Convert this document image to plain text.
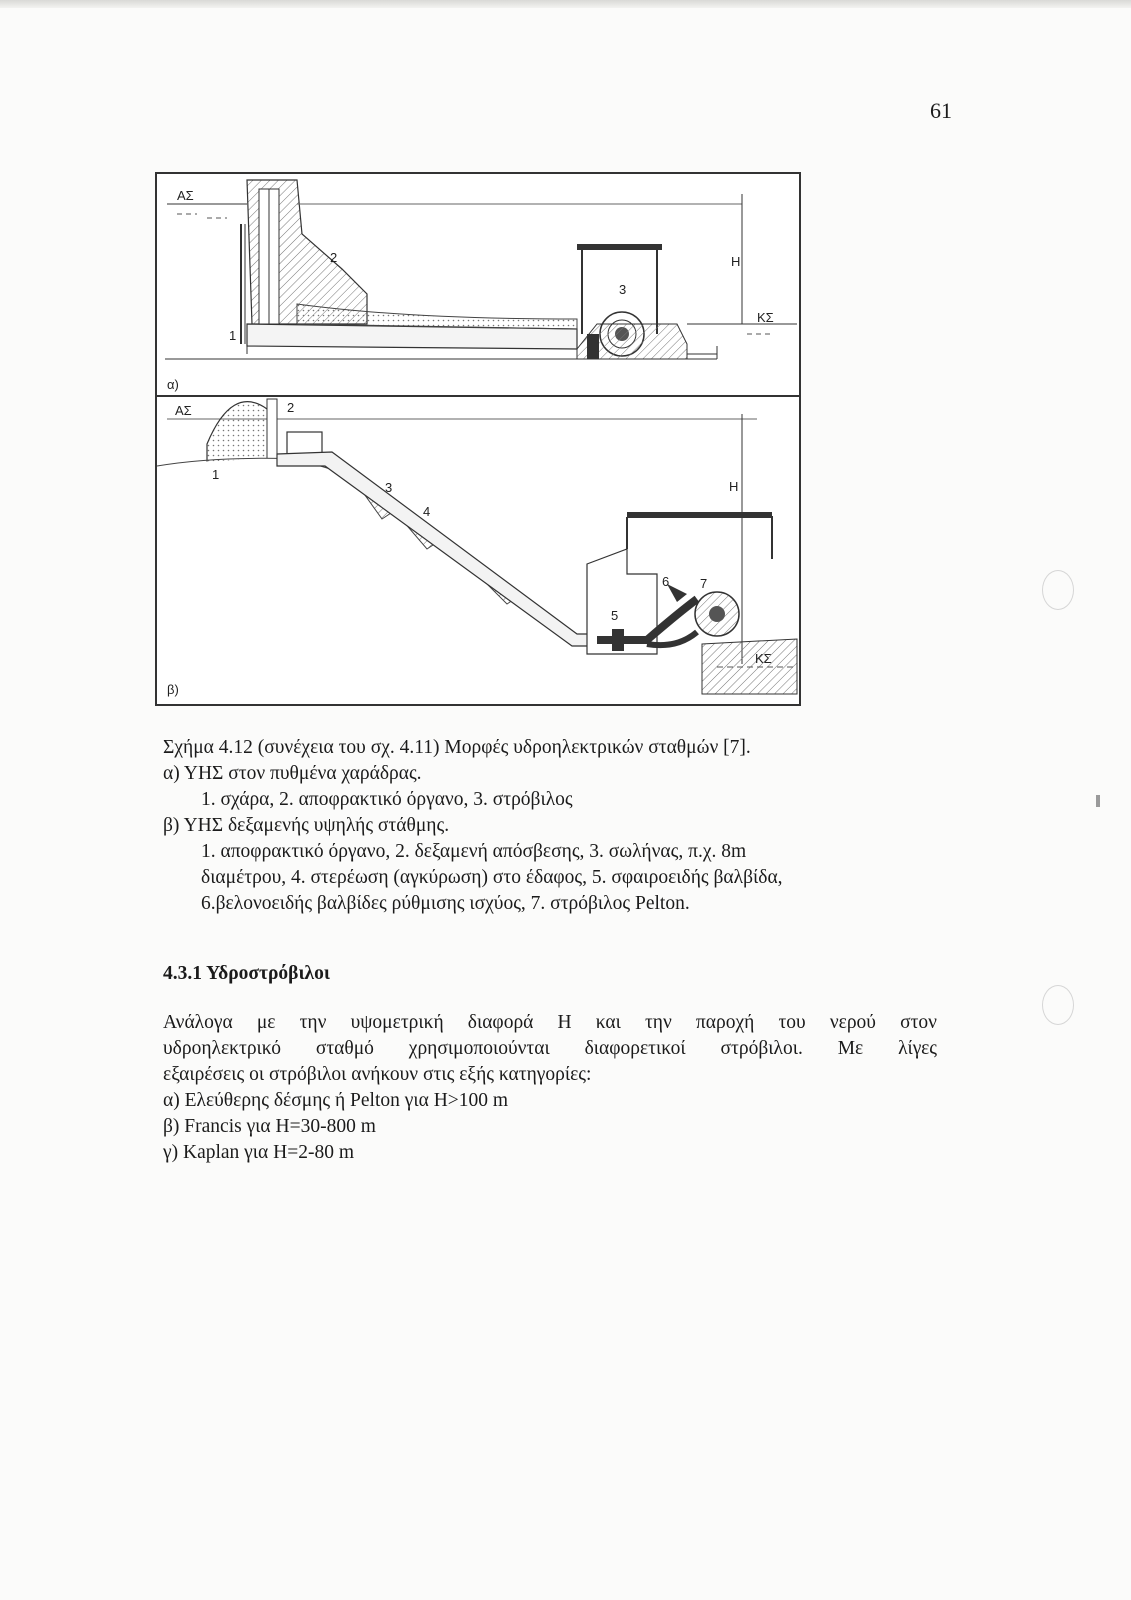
61
ΑΣ
2
1
3
H
ΚΣ
α)
ΑΣ	2
1
3
4
5
6 7
H
ΚΣ
β)
Σχήμα 4.12 (συνέχεια του σχ. 4.11) Μορφές υδροηλεκτρικών σταθμών [7].
α) ΥΗΣ στον πυθμένα χαράδρας.
1. σχάρα, 2. αποφρακτικό όργανο, 3. στρόβιλος
β) ΥΗΣ δεξαμενής υψηλής στάθμης.
1. αποφρακτικό όργανο, 2. δεξαμενή απόσβεσης, 3. σωλήνας, π.χ. 8m
διαμέτρου, 4. στερέωση (αγκύρωση) στο έδαφος, 5. σφαιροειδής βαλβίδα,
6.βελονοειδής βαλβίδες ρύθμισης ισχύος, 7. στρόβιλος Pelton.
4.3.1 Υδροστρόβιλοι
Ανάλογα με την υψομετρική διαφορά Η και την παροχή του νερού στον
υδροηλεκτρικό σταθμό χρησιμοποιούνται διαφορετικοί στρόβιλοι. Με λίγες
εξαιρέσεις οι στρόβιλοι ανήκουν στις εξής κατηγορίες:
α) Ελεύθερης δέσμης ή Pelton για H>100 m
β) Francis για H=30-800 m
γ) Kaplan για H=2-80 m
